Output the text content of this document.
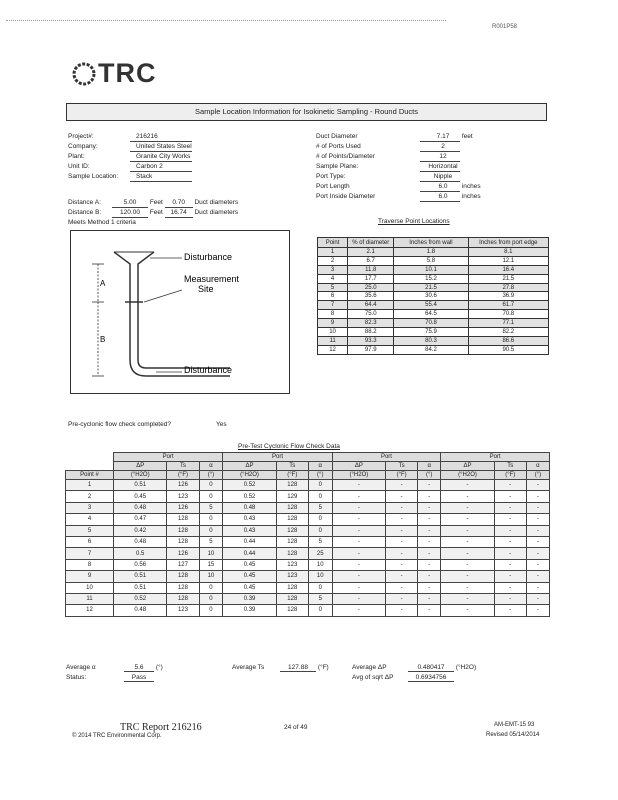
R001P58
TRC
Sample Location Information for Isokinetic Sampling - Round Ducts
Project#:	216216
Company:	United States Steel
Plant:	Granite City Works
Unit ID:	Carbon 2
Sample Location:	Stack
Duct Diameter	7.17 feet
# of Ports Used	2
# of Points/Diameter	12
Sample Plane:	Horizontal
Port Type:	Nipple
Port Length	6.0 inches
Port Inside Diameter	6.0 inches
Distance A:	5.00 Feet 0.70 Duct diameters
Distance B:	120.00 Feet 16.74 Duct diameters
Meets Method 1 criteria
A
B
Disturbance
Measurement
Site
Disturbance
Traverse Point Locations
Point	% of diameter	Inches from wall	Inches from port edge
1	2.1	1.8	8.1
2	6.7	5.8	12.1
3	11.8	10.1	16.4
4	17.7	15.2	21.5
5	25.0	21.5	27.8
6	35.6	30.6	36.9
7	64.4	55.4	61.7
8	75.0	64.5	70.8
9	82.3	70.8	77.1
10	88.2	75.9	82.2
11	93.3	80.3	86.6
12	97.9	84.2	90.5
Pre-cyclonic flow check completed?	Yes
Pre-Test Cyclonic Flow Check Data
	Port			Port			Port			Port		
	ΔP	Ts	α	ΔP	Ts	α	ΔP	Ts	α	ΔP	Ts	α
Point #	(°H2O)	(°F)	(°)	(°H2O)	(°F)	(°)	(°H2O)	(°F)	(°)	(°H2O)	(°F)	(°)
1	0.51	126	0	0.52	128	0	-	-	-	-	-	-
2	0.45	123	0	0.52	129	0	-	-	-	-	-	-
3	0.48	126	5	0.48	128	5	-	-	-	-	-	-
4	0.47	128	0	0.43	128	0	-	-	-	-	-	-
5	0.42	128	0	0.43	128	0	-	-	-	-	-	-
6	0.48	128	5	0.44	128	5	-	-	-	-	-	-
7	0.5	126	10	0.44	128	25	-	-	-	-	-	-
8	0.56	127	15	0.45	123	10	-	-	-	-	-	-
9	0.51	128	10	0.45	123	10	-	-	-	-	-	-
10	0.51	128	0	0.45	128	0	-	-	-	-	-	-
11	0.52	128	0	0.39	128	5	-	-	-	-	-	-
12	0.48	123	0	0.39	128	0	-	-	-	-	-	-
Average α	5.6 (°)
Status:	Pass
Average Ts	127.88 (°F)	Average ΔP	0.480417 (°H2O)
Avg of sqrt ΔP	0.6934756
TRC Report 216216
© 2014 TRC Environmental Corp.
24 of 49	AM-EMT-15 93
Revised 05/14/2014
